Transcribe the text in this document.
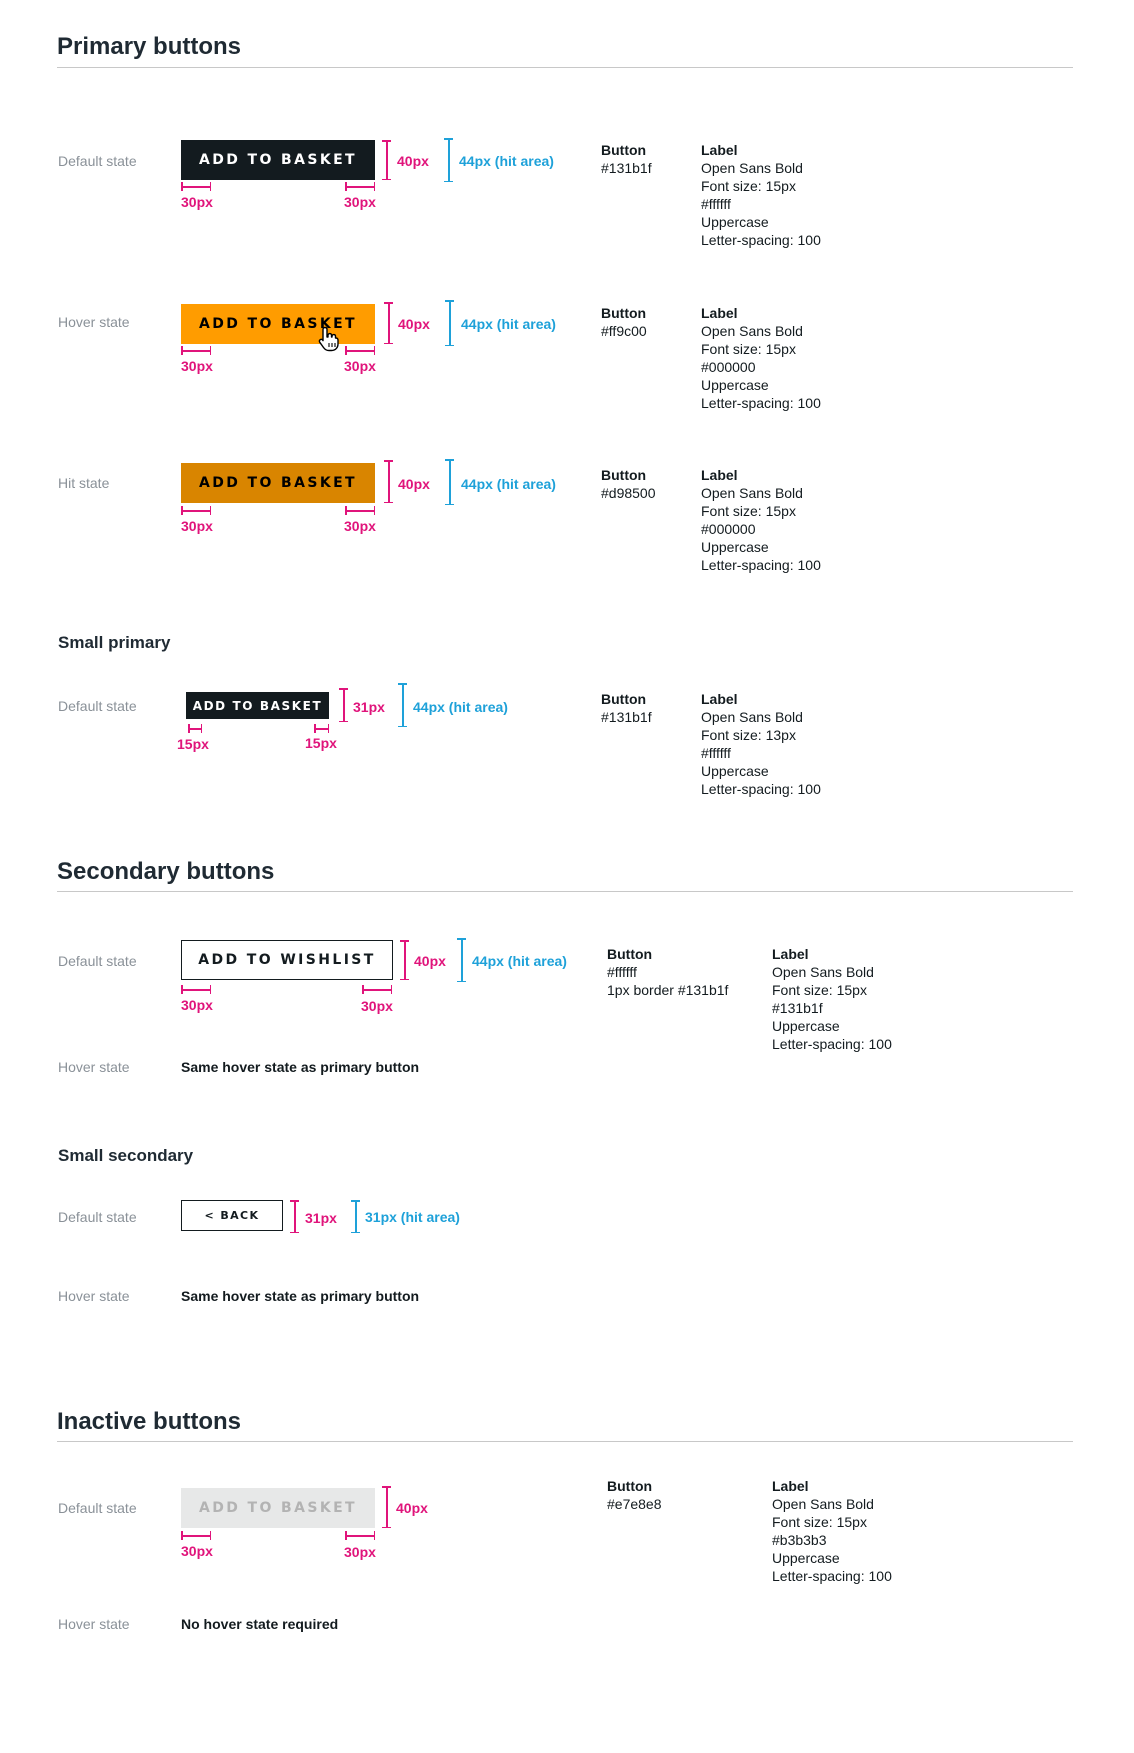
Primary buttons
Default state	ADD TO BASKET	40px 44px (hit area)
30px	30px
Button
#131b1f
Label
Open Sans Bold
Font size: 15px
#ffffff
Uppercase
Letter-spacing: 100
Hover state	ADD TO BASKET	40px 44px (hit area)
30px	30px
Button
#ff9c00
Label
Open Sans Bold
Font size: 15px
#000000
Uppercase
Letter-spacing: 100
Hit state	ADD TO BASKET	40px 44px (hit area)
30px	30px
Button
#d98500
Label
Open Sans Bold
Font size: 15px
#000000
Uppercase
Letter-spacing: 100
Small primary
Default state	ADD TO BASKET	31px 44px (hit area)
15px	15px
Button
#131b1f
Label
Open Sans Bold
Font size: 13px
#ffffff
Uppercase
Letter-spacing: 100
Secondary buttons
Default state	ADD TO WISHLIST	40px 44px (hit area)
30px	30px
Button
#ffffff
1px border #131b1f
Label
Open Sans Bold
Font size: 15px
#131b1f
Uppercase
Letter-spacing: 100
Hover state	Same hover state as primary button
Small secondary
Default state	< BACK	31px 31px (hit area)
Hover state	Same hover state as primary button
Inactive buttons
Default state	ADD TO BASKET	40px
30px	30px
Button
#e7e8e8
Label
Open Sans Bold
Font size: 15px
#b3b3b3
Uppercase
Letter-spacing: 100
Hover state	No hover state required
